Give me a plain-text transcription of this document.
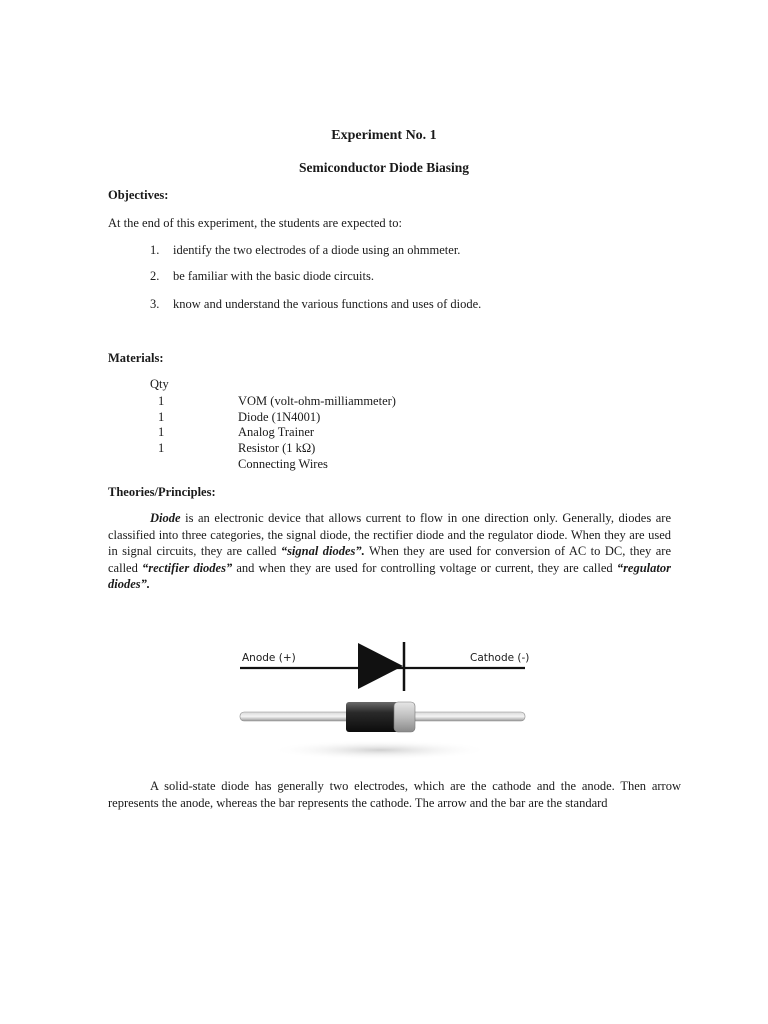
Experiment No. 1
Semiconductor Diode Biasing
Objectives:
At the end of this experiment, the students are expected to:
1.	identify the two electrodes of a diode using an ohmmeter.
2.	be familiar with the basic diode circuits.
3.	know and understand the various functions and uses of diode.
Materials:
Qty
1	VOM (volt-ohm-milliammeter)
1	Diode (1N4001)
1	Analog Trainer
1	Resistor (1 kΩ)
Connecting Wires
Theories/Principles:

Diode is an electronic device that allows current to flow in one direction only. Generally, diodes are classified into three categories, the signal diode, the rectifier diode and the regulator diode. When they are used in signal circuits, they are called “signal diodes”. When they are used for conversion of AC to DC, they are called “rectifier diodes” and when they are used for controlling voltage or current, they are called “regulator diodes”.

Anode (+)	Cathode (-)

A solid-state diode has generally two electrodes, which are the cathode and the anode. Then arrow represents the anode, whereas the bar represents the cathode. The arrow and the bar are the standard
